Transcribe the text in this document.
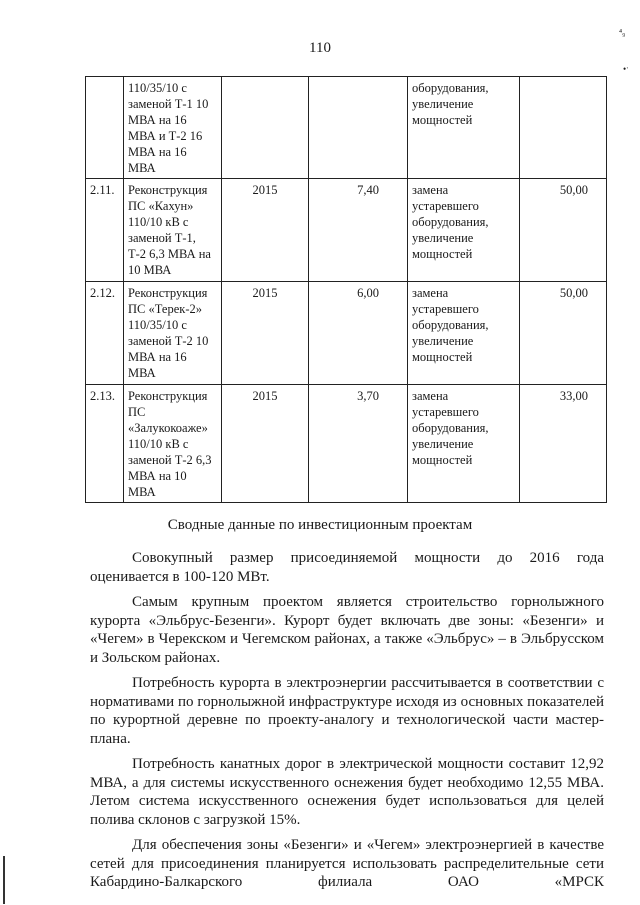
110
⁴₉
•ˑ
	110/35/10 с заменой Т-1 10 МВА на 16 МВА и Т-2 16 МВА на 16 МВА			оборудования, увеличение мощностей	
2.11.	Реконструкция ПС «Кахун» 110/10 кВ с заменой Т-1, Т-2 6,3 МВА на 10 МВА	2015	7,40	замена устаревшего оборудования, увеличение мощностей	50,00
2.12.	Реконструкция ПС «Терек-2» 110/35/10 с заменой Т-2 10 МВА на 16 МВА	2015	6,00	замена устаревшего оборудования, увеличение мощностей	50,00
2.13.	Реконструкция ПС «Залукокоаже» 110/10 кВ с заменой Т-2 6,3 МВА на 10 МВА	2015	3,70	замена устаревшего оборудования, увеличение мощностей	33,00
Сводные данные по инвестиционным проектам

Совокупный размер присоединяемой мощности до 2016 года оценивается в 100-120 МВт.

Самым крупным проектом является строительство горнолыжного курорта «Эльбрус-Безенги». Курорт будет включать две зоны: «Безенги» и «Чегем» в Черекском и Чегемском районах, а также «Эльбрус» – в Эльбрусском и Зольском районах.

Потребность курорта в электроэнергии рассчитывается в соответствии с нормативами по горнолыжной инфраструктуре исходя из основных показателей по курортной деревне по проекту-аналогу и технологической части мастер-плана.

Потребность канатных дорог в электрической мощности составит 12,92 МВА, а для системы искусственного оснежения будет необходимо 12,55 МВА. Летом система искусственного оснежения будет использоваться для целей полива склонов с загрузкой 15%.

Для обеспечения зоны «Безенги» и «Чегем» электроэнергией в качестве сетей для присоединения планируется использовать распределительные сети Кабардино-Балкарского филиала ОАО «МРСК
